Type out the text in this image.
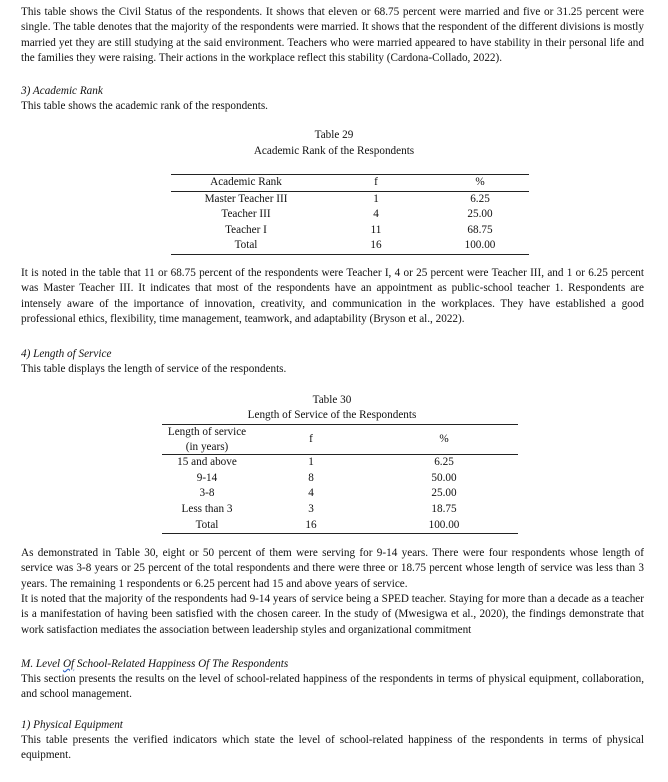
This table shows the Civil Status of the respondents. It shows that eleven or 68.75 percent were married and five or 31.25 percent were single. The table denotes that the majority of the respondents were married. It shows that the respondent of the different divisions is mostly married yet they are still studying at the said environment. Teachers who were married appeared to have stability in their personal life and the families they were raising. Their actions in the workplace reflect this stability (Cardona-Collado, 2022).

3) Academic Rank

This table shows the academic rank of the respondents.

Table 29

Academic Rank of the Respondents

Academic Rank	f	%
Master Teacher III	1	6.25
Teacher III	4	25.00
Teacher I	11	68.75
Total	16	100.00

It is noted in the table that 11 or 68.75 percent of the respondents were Teacher I, 4 or 25 percent were Teacher III, and 1 or 6.25 percent was Master Teacher III. It indicates that most of the respondents have an appointment as public-school teacher 1. Respondents are intensely aware of the importance of innovation, creativity, and communication in the workplaces. They have established a good professional ethics, flexibility, time management, teamwork, and adaptability (Bryson et al., 2022).

4) Length of Service

This table displays the length of service of the respondents.

Table 30

Length of Service of the Respondents

Length of service
(in years)	f	%
15 and above	1	6.25
9-14	8	50.00
3-8	4	25.00
Less than 3	3	18.75
Total	16	100.00

As demonstrated in Table 30, eight or 50 percent of them were serving for 9-14 years. There were four respondents whose length of service was 3-8 years or 25 percent of the total respondents and there were three or 18.75 percent whose length of service was less than 3 years. The remaining 1 respondents or 6.25 percent had 15 and above years of service.

It is noted that the majority of the respondents had 9-14 years of service being a SPED teacher. Staying for more than a decade as a teacher is a manifestation of having been satisfied with the chosen career. In the study of (Mwesigwa et al., 2020), the findings demonstrate that work satisfaction mediates the association between leadership styles and organizational commitment

M. Level Of School-Related Happiness Of The Respondents

This section presents the results on the level of school-related happiness of the respondents in terms of physical equipment, collaboration, and school management.

1) Physical Equipment

This table presents the verified indicators which state the level of school-related happiness of the respondents in terms of physical equipment.
